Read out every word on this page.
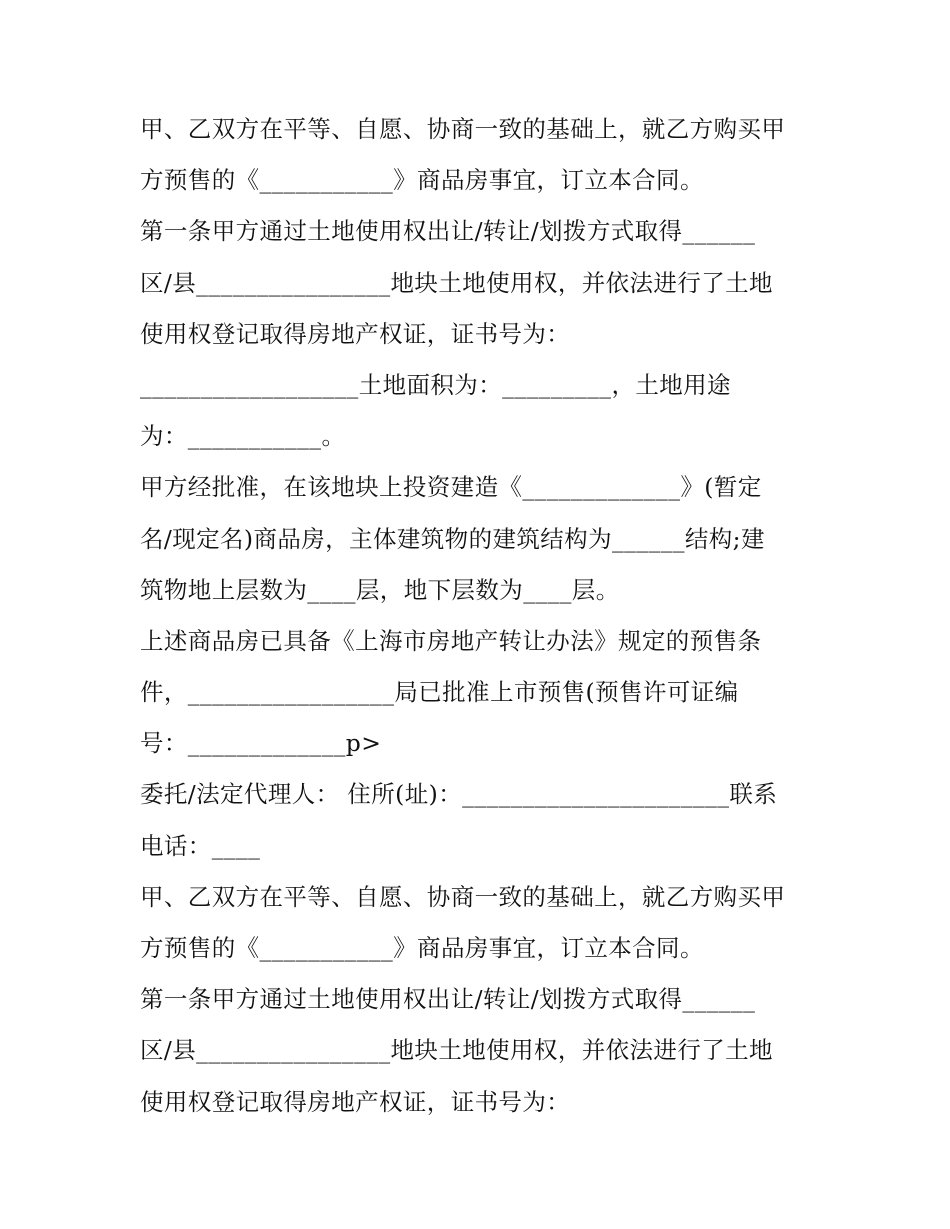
甲、乙双方在平等、自愿、协商一致的基础上，就乙方购买甲
方预售的《___________》商品房事宜，订立本合同。
第一条甲方通过土地使用权出让/转让/划拨方式取得______
区/县________________地块土地使用权，并依法进行了土地
使用权登记取得房地产权证，证书号为：
__________________土地面积为：_________，土地用途
为：___________。
甲方经批准，在该地块上投资建造《_____________》(暂定
名/现定名)商品房，主体建筑物的建筑结构为______结构;建
筑物地上层数为____层，地下层数为____层。
上述商品房已具备《上海市房地产转让办法》规定的预售条
件，_________________局已批准上市预售(预售许可证编
号：_____________p>
委托/法定代理人： 住所(址)：______________________联系
电话：____
甲、乙双方在平等、自愿、协商一致的基础上，就乙方购买甲
方预售的《___________》商品房事宜，订立本合同。
第一条甲方通过土地使用权出让/转让/划拨方式取得______
区/县________________地块土地使用权，并依法进行了土地
使用权登记取得房地产权证，证书号为：
